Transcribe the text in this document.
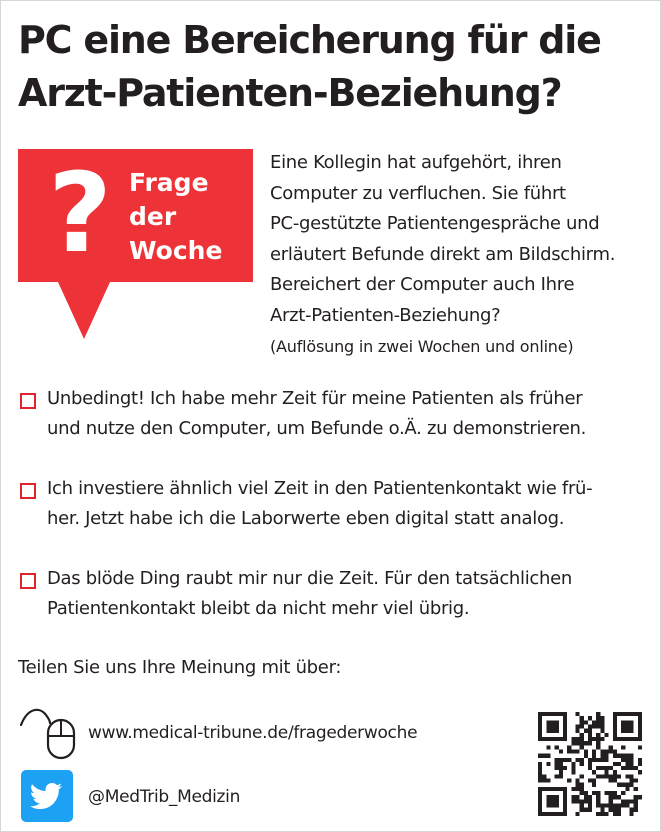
PC eine Bereicherung für die
Arzt-Patienten-Beziehung?
? Frage
der
Woche
Eine Kollegin hat aufgehört, ihren
Computer zu verfluchen. Sie führt
PC-gestützte Patientengespräche und
erläutert Befunde direkt am Bildschirm.
Bereichert der Computer auch Ihre
Arzt-Patienten-Beziehung?
(Auflösung in zwei Wochen und online)
Unbedingt! Ich habe mehr Zeit für meine Patienten als früher
und nutze den Computer, um Befunde o.Ä. zu demonstrieren.
Ich investiere ähnlich viel Zeit in den Patientenkontakt wie frü-
her. Jetzt habe ich die Laborwerte eben digital statt analog.
Das blöde Ding raubt mir nur die Zeit. Für den tatsächlichen
Patientenkontakt bleibt da nicht mehr viel übrig.
Teilen Sie uns Ihre Meinung mit über:
www.medical-tribune.de/fragederwoche
@MedTrib_Medizin
